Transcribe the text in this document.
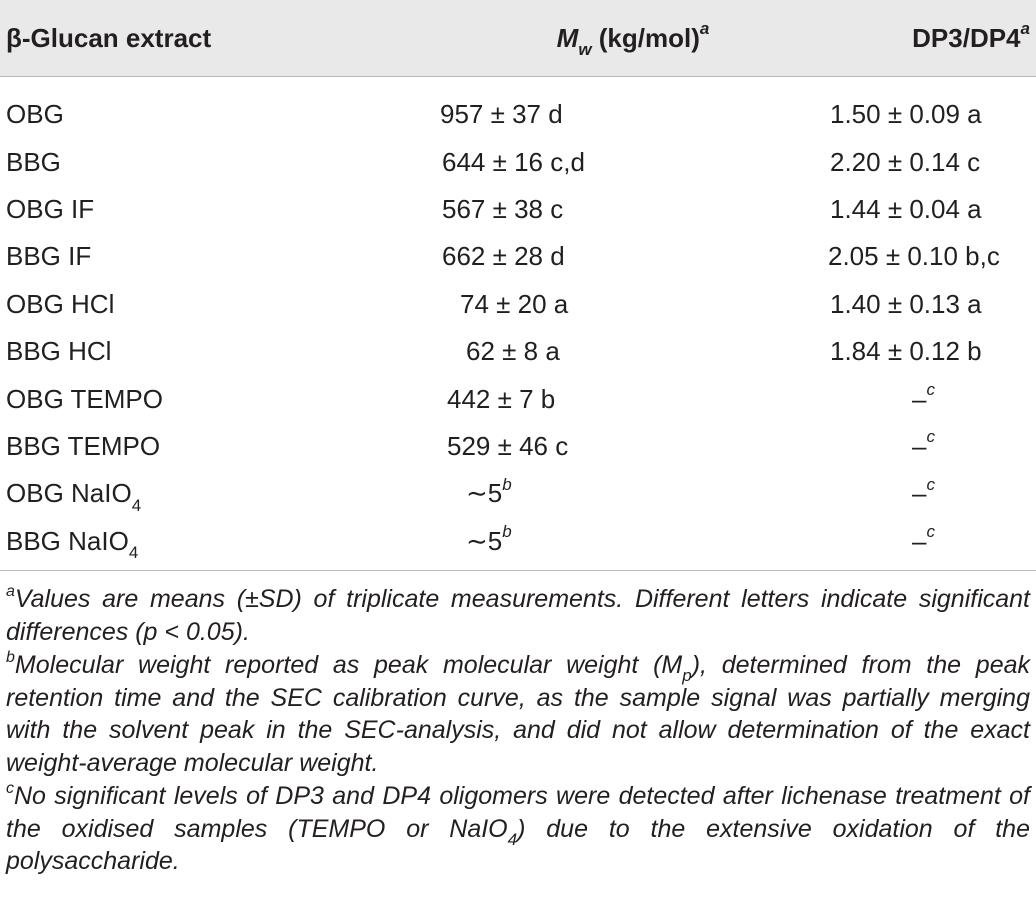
β-Glucan extract	$M_w$ $(kg/mol)^a$	DP3/DP4$^a$
OBG	957 ± 37 d	1.50 ± 0.09 a
BBG	644 ± 16 c,d	2.20 ± 0.14 c
OBG IF	567 ± 38 c	1.44 ± 0.04 a
BBG IF	662 ± 28 d	2.05 ± 0.10 b,c
OBG HCl	74 ± 20 a	1.40 ± 0.13 a
BBG HCl	62 ± 8 a	1.84 ± 0.12 b
OBG TEMPO	442 ± 7 b	–$^c$
BBG TEMPO	529 ± 46 c	–$^c$
OBG NaIO$_4$	∼5$^b$	–$^c$
BBG NaIO$_4$	∼5$^b$	–$^c$

$^a$Values are means (±SD) of triplicate measurements. Different letters indicate significant differences (p < 0.05).

$^b$Molecular weight reported as peak molecular weight $(M_p)$, determined from the peak retention time and the SEC calibration curve, as the sample signal was partially merging with the solvent peak in the SEC-analysis, and did not allow determination of the exact weight-average molecular weight.

$^c$No significant levels of DP3 and DP4 oligomers were detected after lichenase treatment of the oxidised samples (TEMPO or NaIO$_4$) due to the extensive oxidation of the polysaccharide.
